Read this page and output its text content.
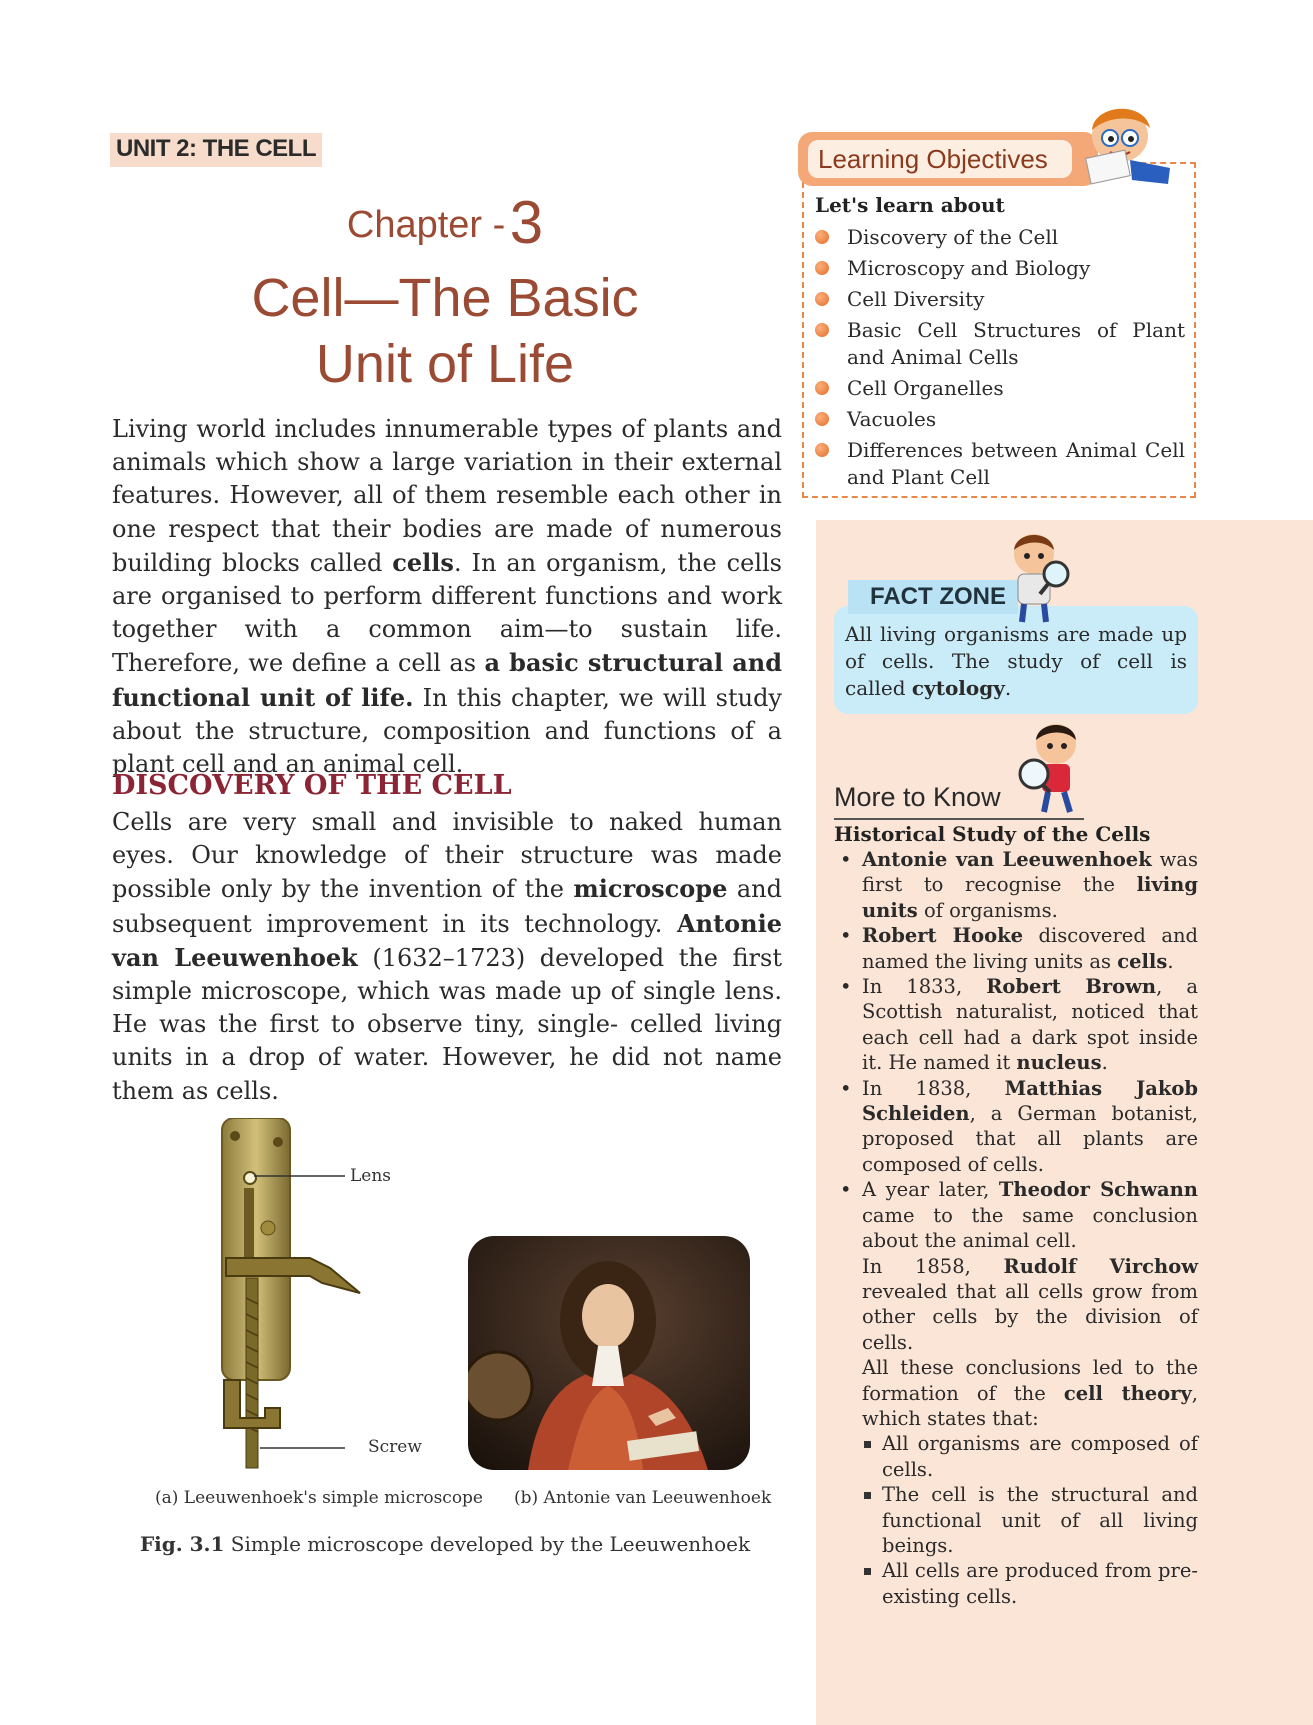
UNIT 2: THE CELL
Chapter - 3
Cell—The Basic
Unit of Life
Living world includes innumerable types of plants and animals which show a large variation in their external features. However, all of them resemble each other in one respect that their bodies are made of numerous building blocks called cells. In an organism, the cells are organised to perform different functions and work together with a common aim—to sustain life. Therefore, we define a cell as a basic structural and functional unit of life. In this chapter, we will study about the structure, composition and functions of a plant cell and an animal cell.
DISCOVERY OF THE CELL
Cells are very small and invisible to naked human eyes. Our knowledge of their structure was made possible only by the invention of the microscope and subsequent improvement in its technology. Antonie van Leeuwenhoek (1632–1723) developed the first simple microscope, which was made up of single lens. He was the first to observe tiny, single- celled living units in a drop of water. However, he did not name them as cells.
Lens
Screw
(a) Leeuwenhoek's simple microscope (b) Antonie van Leeuwenhoek
Fig. 3.1 Simple microscope developed by the Leeuwenhoek
Learning Objectives
Let's learn about
Discovery of the Cell
Microscopy and Biology
Cell Diversity
Basic Cell Structures of Plant and Animal Cells
Cell Organelles
Vacuoles
Differences between Animal Cell and Plant Cell
FACT ZONE
All living organisms are made up of cells. The study of cell is called cytology.
More to Know
Historical Study of the Cells
• Antonie van Leeuwenhoek was first to recognise the living units of organisms.
• Robert Hooke discovered and named the living units as cells.
• In 1833, Robert Brown, a Scottish naturalist, noticed that each cell had a dark spot inside it. He named it nucleus.
• In 1838, Matthias Jakob Schleiden, a German botanist, proposed that all plants are composed of cells.
• A year later, Theodor Schwann came to the same conclusion about the animal cell.

In 1858, Rudolf Virchow revealed that all cells grow from other cells by the division of cells.

All these conclusions led to the formation of the cell theory, which states that:

All organisms are composed of cells.
The cell is the structural and functional unit of all living beings.
All cells are produced from pre-existing cells.
